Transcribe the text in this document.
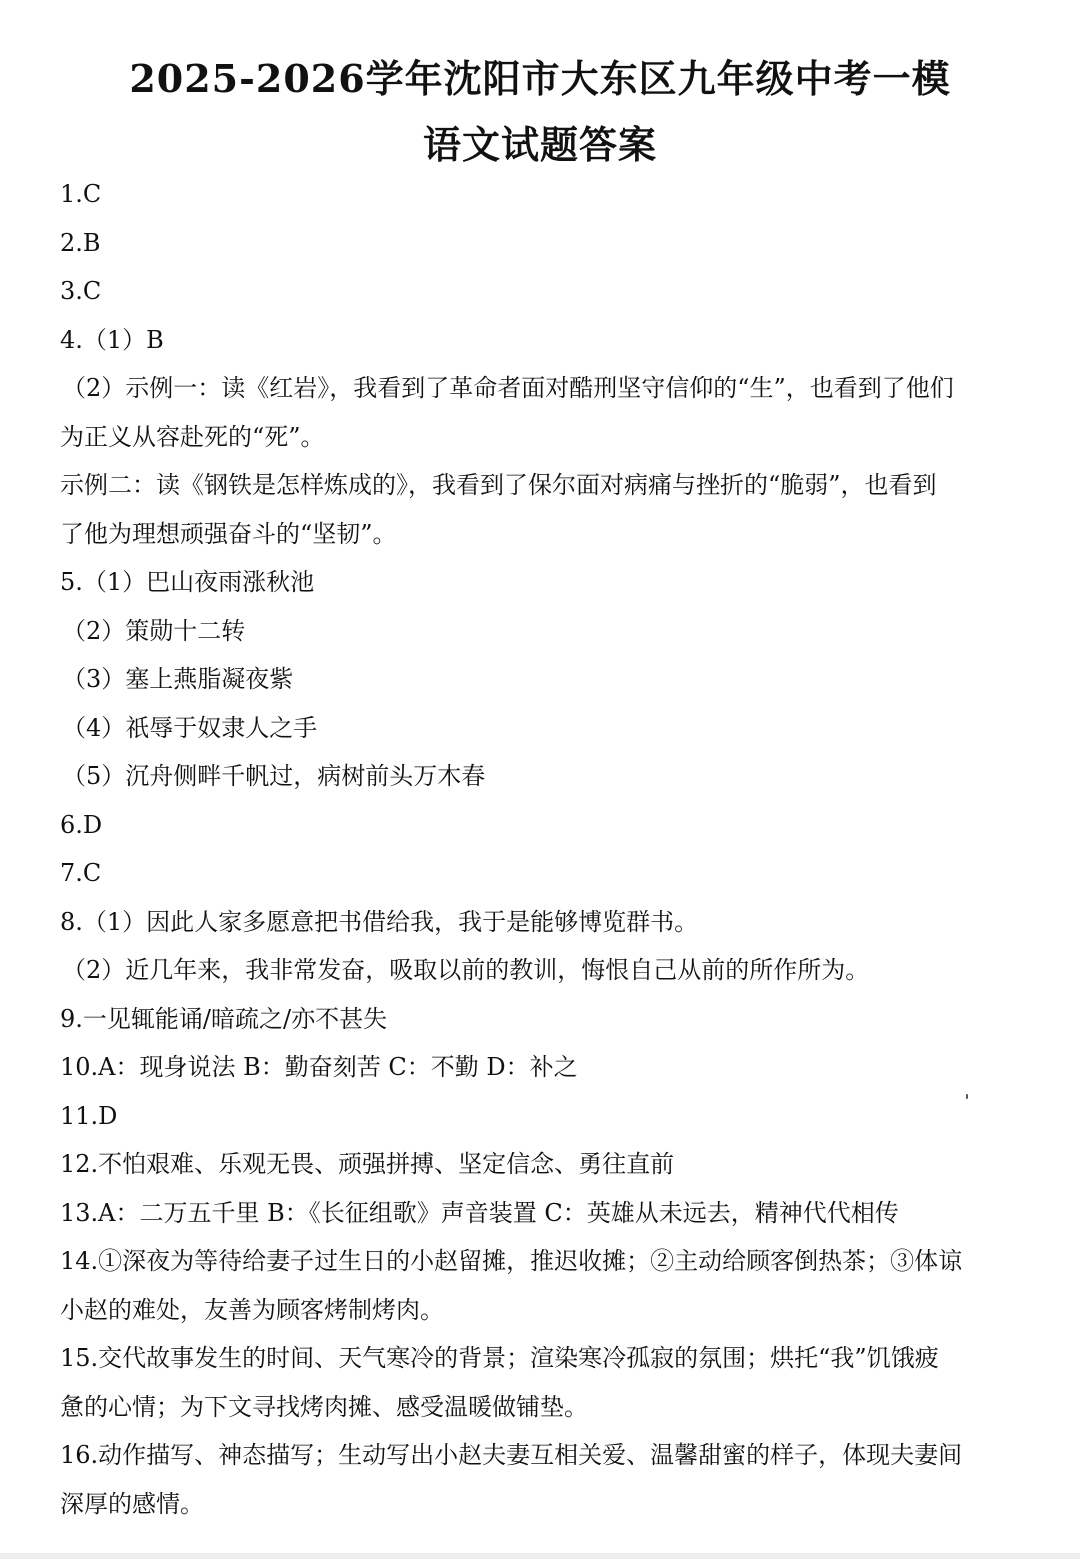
2025-2026学年沈阳市大东区九年级中考一模
语文试题答案
1.C
2.B
3.C
4.（1）B
（2）示例一：读《红岩》，我看到了革命者面对酷刑坚守信仰的“生”，也看到了他们
为正义从容赴死的“死”。
示例二：读《钢铁是怎样炼成的》，我看到了保尔面对病痛与挫折的“脆弱”，也看到
了他为理想顽强奋斗的“坚韧”。
5.（1）巴山夜雨涨秋池
（2）策勋十二转
（3）塞上燕脂凝夜紫
（4）祇辱于奴隶人之手
（5）沉舟侧畔千帆过，病树前头万木春
6.D
7.C
8.（1）因此人家多愿意把书借给我，我于是能够博览群书。
（2）近几年来，我非常发奋，吸取以前的教训，悔恨自己从前的所作所为。
9.一见辄能诵/暗疏之/亦不甚失
10.A：现身说法 B：勤奋刻苦 C：不勤 D：补之
11.D
12.不怕艰难、乐观无畏、顽强拼搏、坚定信念、勇往直前
13.A：二万五千里 B：《长征组歌》声音装置 C：英雄从未远去，精神代代相传
14.①深夜为等待给妻子过生日的小赵留摊，推迟收摊；②主动给顾客倒热茶；③体谅
小赵的难处，友善为顾客烤制烤肉。
15.交代故事发生的时间、天气寒冷的背景；渲染寒冷孤寂的氛围；烘托“我”饥饿疲
惫的心情；为下文寻找烤肉摊、感受温暖做铺垫。
16.动作描写、神态描写；生动写出小赵夫妻互相关爱、温馨甜蜜的样子，体现夫妻间
深厚的感情。
